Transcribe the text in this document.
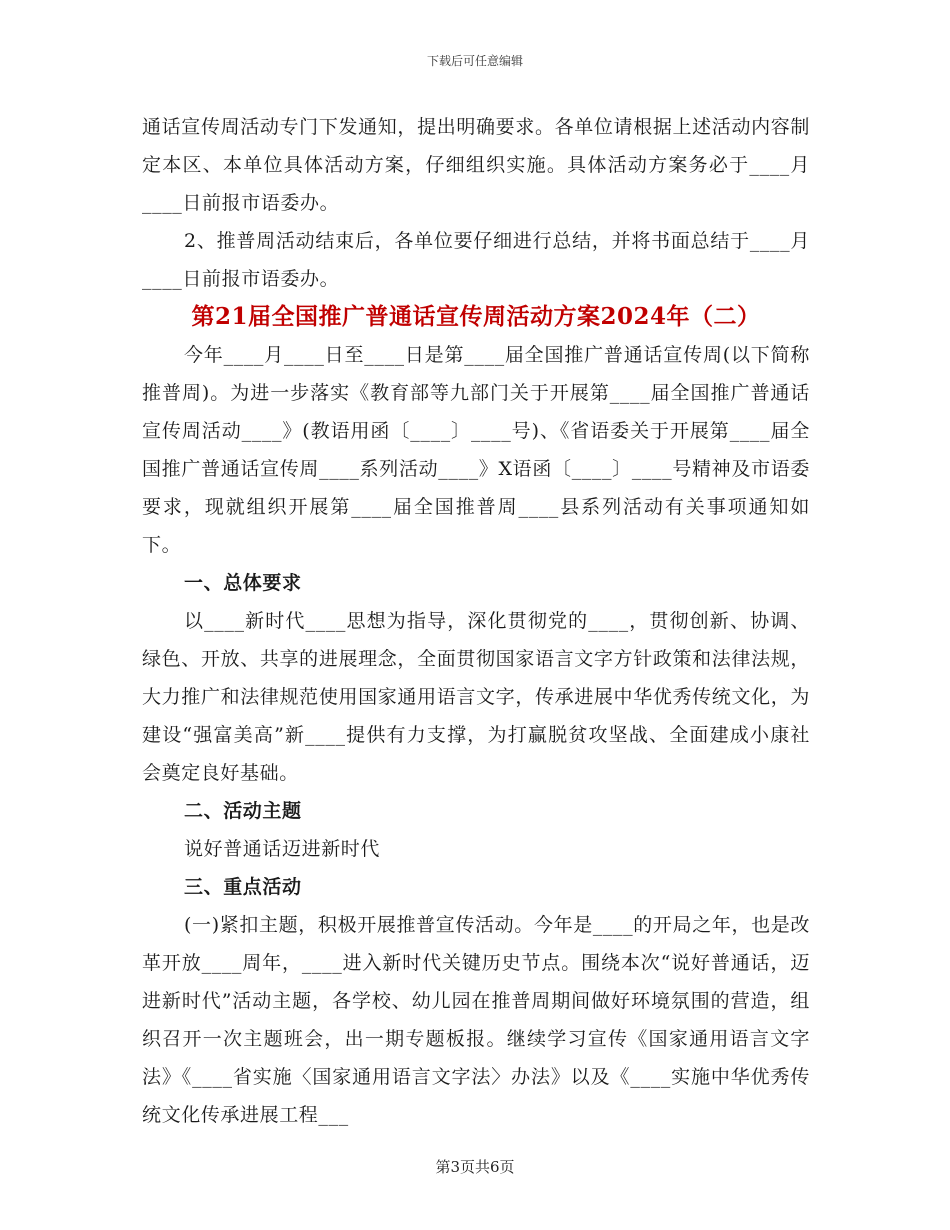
下载后可任意编辑

通话宣传周活动专门下发通知，提出明确要求。各单位请根据上述活动内容制定本区、本单位具体活动方案，仔细组织实施。具体活动方案务必于____月____日前报市语委办。

2、推普周活动结束后，各单位要仔细进行总结，并将书面总结于____月____日前报市语委办。

第21届全国推广普通话宣传周活动方案2024年（二）

今年____月____日至____日是第____届全国推广普通话宣传周(以下简称推普周)。为进一步落实《教育部等九部门关于开展第____届全国推广普通话宣传周活动____》(教语用函〔____〕____号)、《省语委关于开展第____届全国推广普通话宣传周____系列活动____》X语函〔____〕____号精神及市语委要求，现就组织开展第____届全国推普周____县系列活动有关事项通知如下。

一、总体要求

以____新时代____思想为指导，深化贯彻党的____，贯彻创新、协调、绿色、开放、共享的进展理念，全面贯彻国家语言文字方针政策和法律法规，大力推广和法律规范使用国家通用语言文字，传承进展中华优秀传统文化，为建设“强富美高”新____提供有力支撑，为打赢脱贫攻坚战、全面建成小康社会奠定良好基础。

二、活动主题

说好普通话迈进新时代

三、重点活动

(一)紧扣主题，积极开展推普宣传活动。今年是____的开局之年，也是改革开放____周年，____进入新时代关键历史节点。围绕本次“说好普通话，迈进新时代”活动主题，各学校、幼儿园在推普周期间做好环境氛围的营造，组织召开一次主题班会，出一期专题板报。继续学习宣传《国家通用语言文字法》《____省实施〈国家通用语言文字法〉办法》以及《____实施中华优秀传统文化传承进展工程___

第3页共6页
